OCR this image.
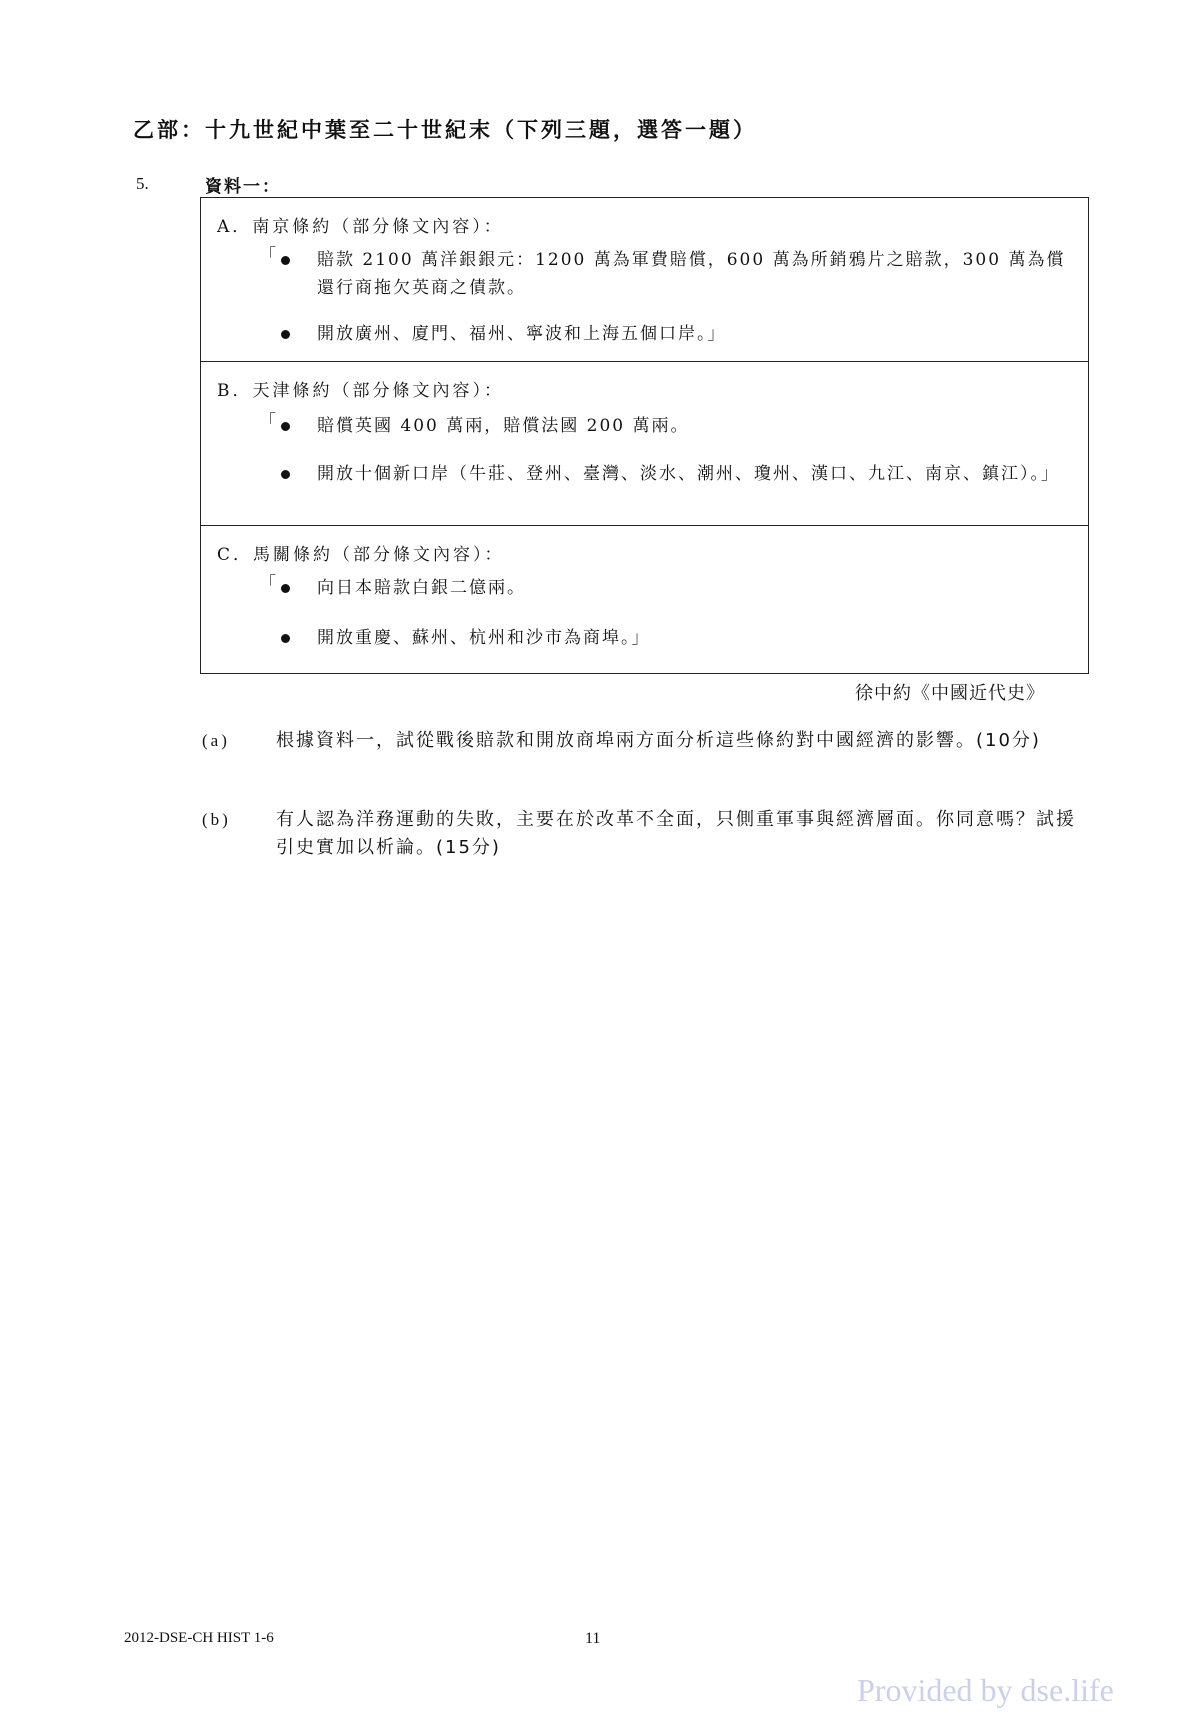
乙部：十九世紀中葉至二十世紀末（下列三題，選答一題）
5.	資料一：
A．南京條約（部分條文內容）：
「 賠款 2100 萬洋銀銀元：1200 萬為軍費賠償，600 萬為所銷鴉片之賠款，300 萬為償還行商拖欠英商之債款。
開放廣州、廈門、福州、寧波和上海五個口岸。」
B．天津條約（部分條文內容）：
「 賠償英國 400 萬兩，賠償法國 200 萬兩。
開放十個新口岸（牛莊、登州、臺灣、淡水、潮州、瓊州、漢口、九江、南京、鎮江）。」
C．馬關條約（部分條文內容）：
「 向日本賠款白銀二億兩。
開放重慶、蘇州、杭州和沙市為商埠。」
徐中約《中國近代史》
(a)	根據資料一，試從戰後賠款和開放商埠兩方面分析這些條約對中國經濟的影響。(10分)
(b)	有人認為洋務運動的失敗，主要在於改革不全面，只側重軍事與經濟層面。你同意嗎？試援引史實加以析論。(15分)
2012-DSE-CH HIST 1-6	11
Provided by dse.life
